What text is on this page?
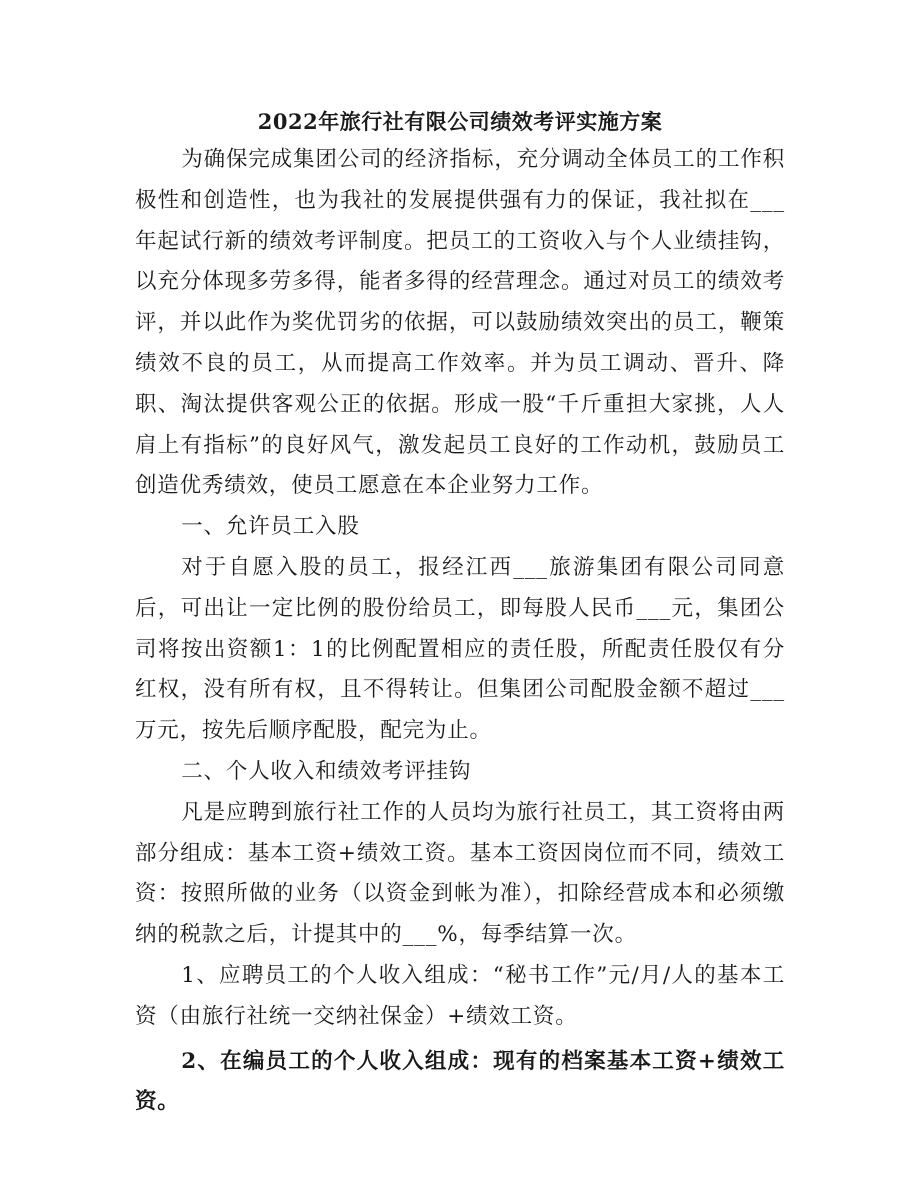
2022年旅行社有限公司绩效考评实施方案

为确保完成集团公司的经济指标，充分调动全体员工的工作积极性和创造性，也为我社的发展提供强有力的保证，我社拟在___年起试行新的绩效考评制度。把员工的工资收入与个人业绩挂钩，以充分体现多劳多得，能者多得的经营理念。通过对员工的绩效考评，并以此作为奖优罚劣的依据，可以鼓励绩效突出的员工，鞭策绩效不良的员工，从而提高工作效率。并为员工调动、晋升、降职、淘汰提供客观公正的依据。形成一股“千斤重担大家挑，人人肩上有指标”的良好风气，激发起员工良好的工作动机，鼓励员工创造优秀绩效，使员工愿意在本企业努力工作。

一、允许员工入股

对于自愿入股的员工，报经江西___旅游集团有限公司同意后，可出让一定比例的股份给员工，即每股人民币___元，集团公司将按出资额1：1的比例配置相应的责任股，所配责任股仅有分红权，没有所有权，且不得转让。但集团公司配股金额不超过___万元，按先后顺序配股，配完为止。

二、个人收入和绩效考评挂钩

凡是应聘到旅行社工作的人员均为旅行社员工，其工资将由两部分组成：基本工资+绩效工资。基本工资因岗位而不同，绩效工资：按照所做的业务（以资金到帐为准），扣除经营成本和必须缴纳的税款之后，计提其中的___%，每季结算一次。

1、应聘员工的个人收入组成：“秘书工作”元/月/人的基本工资（由旅行社统一交纳社保金）+绩效工资。

2、在编员工的个人收入组成：现有的档案基本工资+绩效工资。
